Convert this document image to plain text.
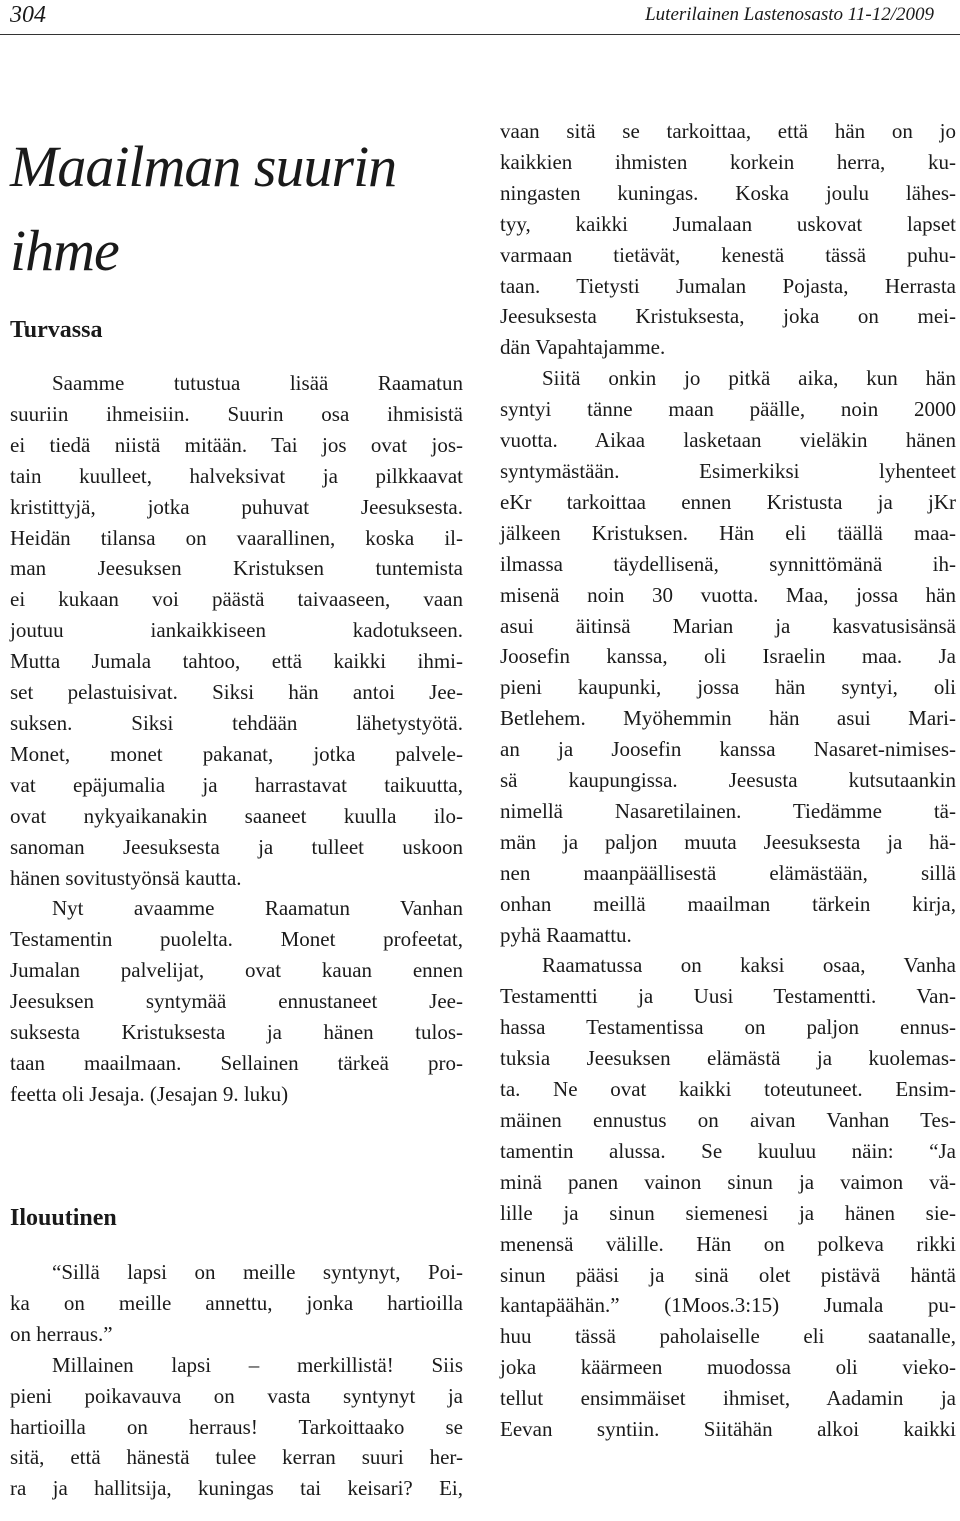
304	Luterilainen Lastenosasto 11-12/2009
Maailman suurin
ihme
Turvassa
Saamme tutustua lisää Raamatun
suuriin ihmeisiin. Suurin osa ihmisistä
ei tiedä niistä mitään. Tai jos ovat jos-
tain kuulleet, halveksivat ja pilkkaavat
kristittyjä, jotka puhuvat Jeesuksesta.
Heidän tilansa on vaarallinen, koska il-
man Jeesuksen Kristuksen tuntemista
ei kukaan voi päästä taivaaseen, vaan
joutuu iankaikkiseen kadotukseen.
Mutta Jumala tahtoo, että kaikki ihmi-
set pelastuisivat. Siksi hän antoi Jee-
suksen. Siksi tehdään lähetystyötä.
Monet, monet pakanat, jotka palvele-
vat epäjumalia ja harrastavat taikuutta,
ovat nykyaikanakin saaneet kuulla ilo-
sanoman Jeesuksesta ja tulleet uskoon
hänen sovitustyönsä kautta.
Nyt avaamme Raamatun Vanhan
Testamentin puolelta. Monet profeetat,
Jumalan palvelijat, ovat kauan ennen
Jeesuksen syntymää ennustaneet Jee-
suksesta Kristuksesta ja hänen tulos-
taan maailmaan. Sellainen tärkeä pro-
feetta oli Jesaja. (Jesajan 9. luku)
Ilouutinen
“Sillä lapsi on meille syntynyt, Poi-
ka on meille annettu, jonka hartioilla
on herraus.”
Millainen lapsi – merkillistä! Siis
pieni poikavauva on vasta syntynyt ja
hartioilla on herraus! Tarkoittaako se
sitä, että hänestä tulee kerran suuri her-
ra ja hallitsija, kuningas tai keisari? Ei,
vaan sitä se tarkoittaa, että hän on jo
kaikkien ihmisten korkein herra, ku-
ningasten kuningas. Koska joulu lähes-
tyy, kaikki Jumalaan uskovat lapset
varmaan tietävät, kenestä tässä puhu-
taan. Tietysti Jumalan Pojasta, Herrasta
Jeesuksesta Kristuksesta, joka on mei-
dän Vapahtajamme.
Siitä onkin jo pitkä aika, kun hän
syntyi tänne maan päälle, noin 2000
vuotta. Aikaa lasketaan vieläkin hänen
syntymästään. Esimerkiksi lyhenteet
eKr tarkoittaa ennen Kristusta ja jKr
jälkeen Kristuksen. Hän eli täällä maa-
ilmassa täydellisenä, synnittömänä ih-
misenä noin 30 vuotta. Maa, jossa hän
asui äitinsä Marian ja kasvatusisänsä
Joosefin kanssa, oli Israelin maa. Ja
pieni kaupunki, jossa hän syntyi, oli
Betlehem. Myöhemmin hän asui Mari-
an ja Joosefin kanssa Nasaret-nimises-
sä kaupungissa. Jeesusta kutsutaankin
nimellä Nasaretilainen. Tiedämme tä-
män ja paljon muuta Jeesuksesta ja hä-
nen maanpäällisestä elämästään, sillä
onhan meillä maailman tärkein kirja,
pyhä Raamattu.
Raamatussa on kaksi osaa, Vanha
Testamentti ja Uusi Testamentti. Van-
hassa Testamentissa on paljon ennus-
tuksia Jeesuksen elämästä ja kuolemas-
ta. Ne ovat kaikki toteutuneet. Ensim-
mäinen ennustus on aivan Vanhan Tes-
tamentin alussa. Se kuuluu näin: “Ja
minä panen vainon sinun ja vaimon vä-
lille ja sinun siemenesi ja hänen sie-
menensä välille. Hän on polkeva rikki
sinun pääsi ja sinä olet pistävä häntä
kantapäähän.” (1Moos.3:15) Jumala pu-
huu tässä paholaiselle eli saatanalle,
joka käärmeen muodossa oli vieko-
tellut ensimmäiset ihmiset, Aadamin ja
Eevan syntiin. Siitähän alkoi kaikki
